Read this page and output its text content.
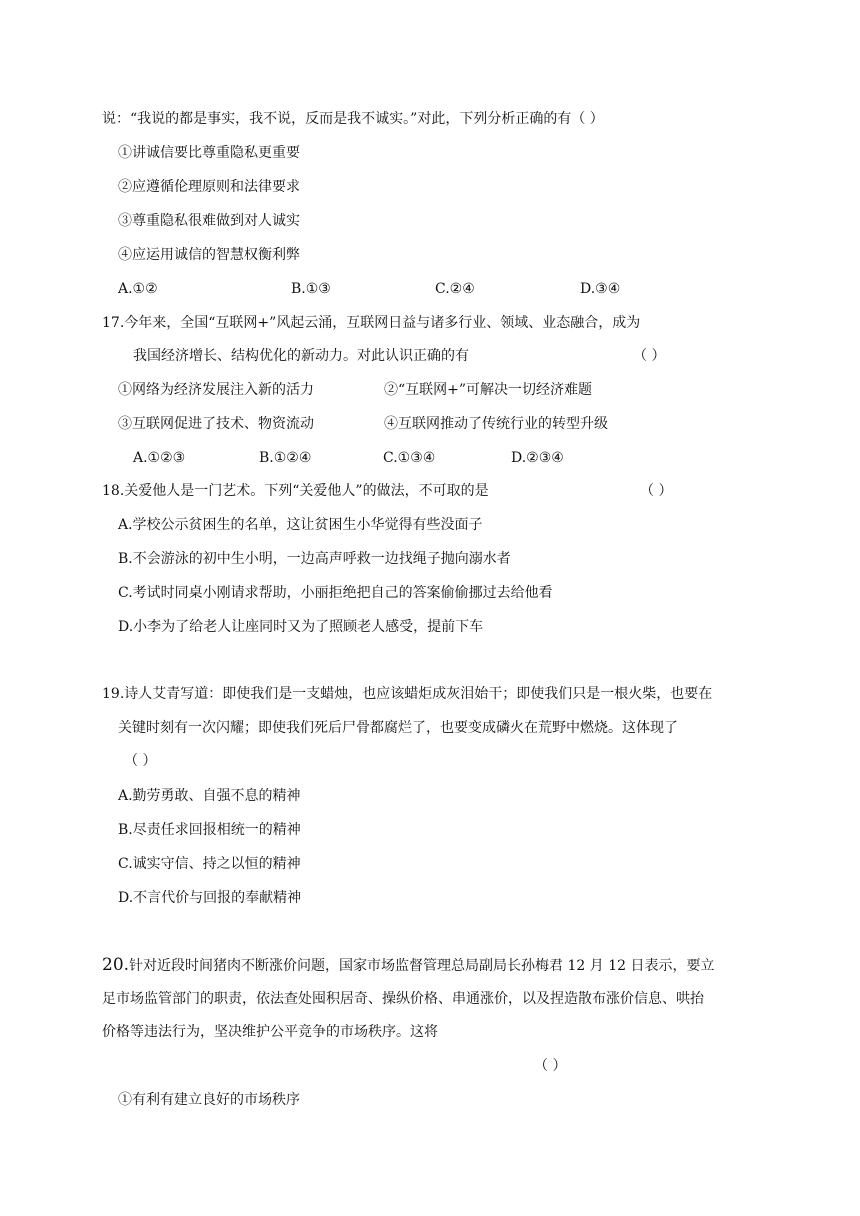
说：“我说的都是事实，我不说，反而是我不诚实。”对此，下列分析正确的有（ ）
①讲诚信要比尊重隐私更重要
②应遵循伦理原则和法律要求
③尊重隐私很难做到对人诚实
④应运用诚信的智慧权衡利弊
A.①②	B.①③	C.②④	D.③④
17.今年来，全国“互联网+”风起云涌，互联网日益与诸多行业、领域、业态融合，成为
我国经济增长、结构优化的新动力。对此认识正确的有	（ ）
①网络为经济发展注入新的活力	②“互联网+”可解决一切经济难题
③互联网促进了技术、物资流动	④互联网推动了传统行业的转型升级
A.①②③	B.①②④	C.①③④	D.②③④
18.关爱他人是一门艺术。下列“关爱他人”的做法，不可取的是	（ ）
A.学校公示贫困生的名单，这让贫困生小华觉得有些没面子
B.不会游泳的初中生小明，一边高声呼救一边找绳子抛向溺水者
C.考试时同桌小刚请求帮助，小丽拒绝把自己的答案偷偷挪过去给他看
D.小李为了给老人让座同时又为了照顾老人感受，提前下车
19.诗人艾青写道：即使我们是一支蜡烛，也应该蜡炬成灰泪始干；即使我们只是一根火柴，也要在
关键时刻有一次闪耀；即使我们死后尸骨都腐烂了，也要变成磷火在荒野中燃烧。这体现了
（ ）
A.勤劳勇敢、自强不息的精神
B.尽责任求回报相统一的精神
C.诚实守信、持之以恒的精神
D.不言代价与回报的奉献精神
20.针对近段时间猪肉不断涨价问题，国家市场监督管理总局副局长孙梅君 12 月 12 日表示，要立
足市场监管部门的职责，依法查处囤积居奇、操纵价格、串通涨价，以及捏造散布涨价信息、哄抬
价格等违法行为，坚决维护公平竞争的市场秩序。这将
（ ）
①有利有建立良好的市场秩序
